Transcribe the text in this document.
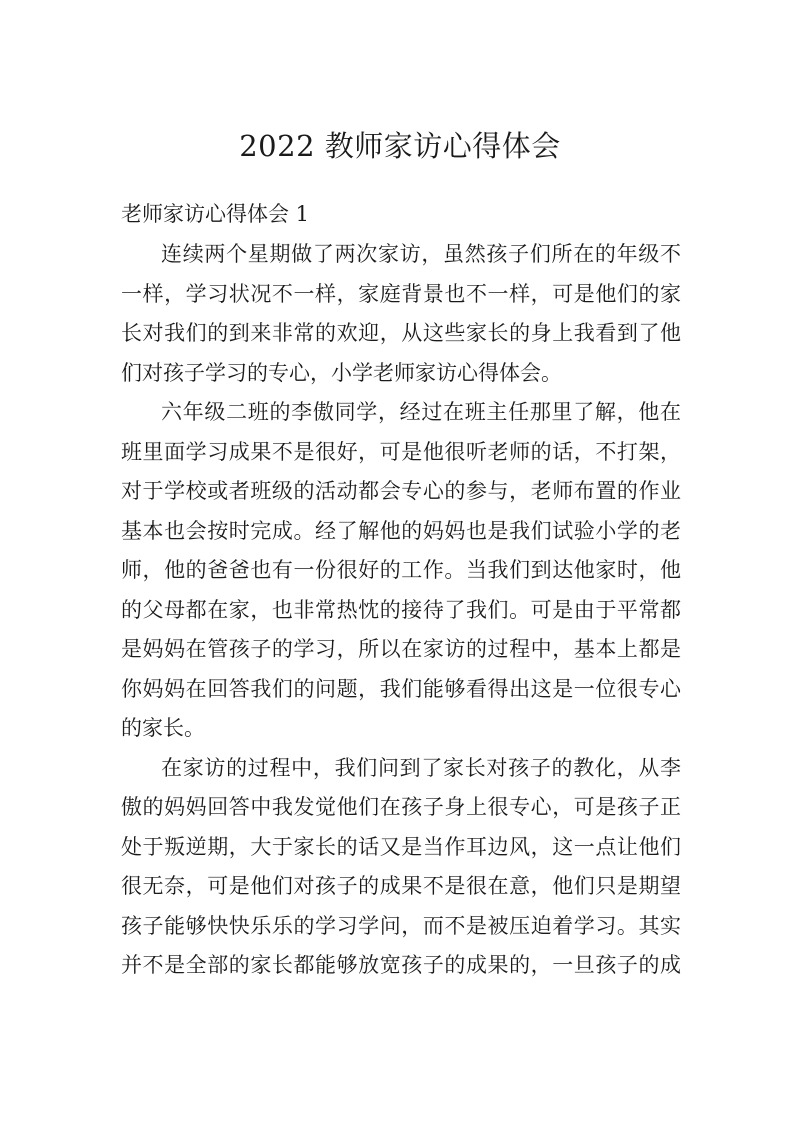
2022 教师家访心得体会
老师家访心得体会 1
连续两个星期做了两次家访，虽然孩子们所在的年级不
一样，学习状况不一样，家庭背景也不一样，可是他们的家
长对我们的到来非常的欢迎，从这些家长的身上我看到了他
们对孩子学习的专心，小学老师家访心得体会。
六年级二班的李傲同学，经过在班主任那里了解，他在
班里面学习成果不是很好，可是他很听老师的话，不打架，
对于学校或者班级的活动都会专心的参与，老师布置的作业
基本也会按时完成。经了解他的妈妈也是我们试验小学的老
师，他的爸爸也有一份很好的工作。当我们到达他家时，他
的父母都在家，也非常热忱的接待了我们。可是由于平常都
是妈妈在管孩子的学习，所以在家访的过程中，基本上都是
你妈妈在回答我们的问题，我们能够看得出这是一位很专心
的家长。
在家访的过程中，我们问到了家长对孩子的教化，从李
傲的妈妈回答中我发觉他们在孩子身上很专心，可是孩子正
处于叛逆期，大于家长的话又是当作耳边风，这一点让他们
很无奈，可是他们对孩子的成果不是很在意，他们只是期望
孩子能够快快乐乐的学习学问，而不是被压迫着学习。其实
并不是全部的家长都能够放宽孩子的成果的，一旦孩子的成
